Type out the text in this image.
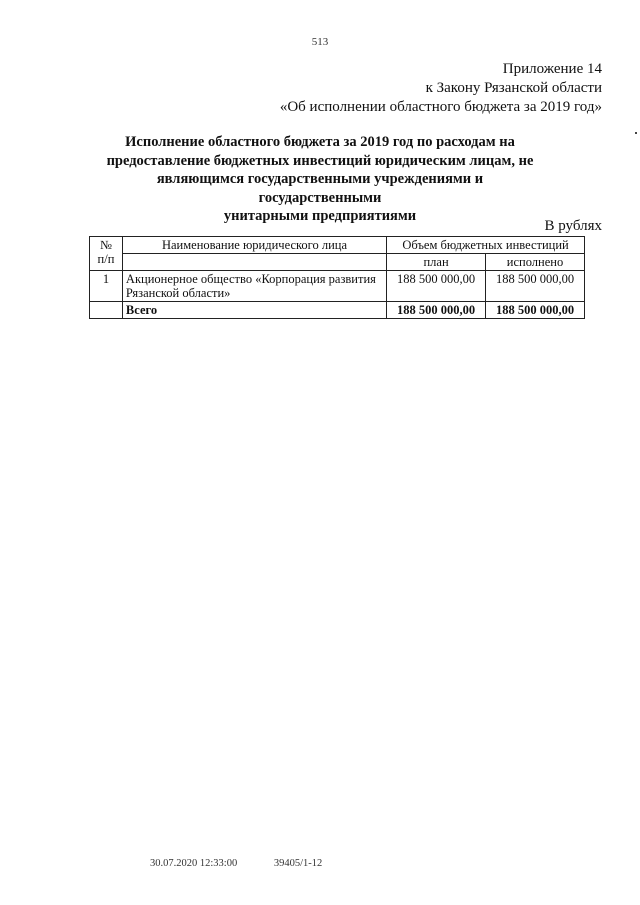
513
Приложение 14
к Закону Рязанской области
«Об исполнении областного бюджета за 2019 год»
Исполнение областного бюджета за 2019 год по расходам на
предоставление бюджетных инвестиций юридическим лицам, не
являющимся государственными учреждениями и государственными
унитарными предприятиями
В рублях
№
п/п	Наименование юридического лица	Объем бюджетных инвестиций	
		план	исполнено
1	Акционерное общество «Корпорация развития Рязанской области»	188 500 000,00	188 500 000,00
	Всего	188 500 000,00	188 500 000,00
30.07.2020 12:33:00	39405/1-12
